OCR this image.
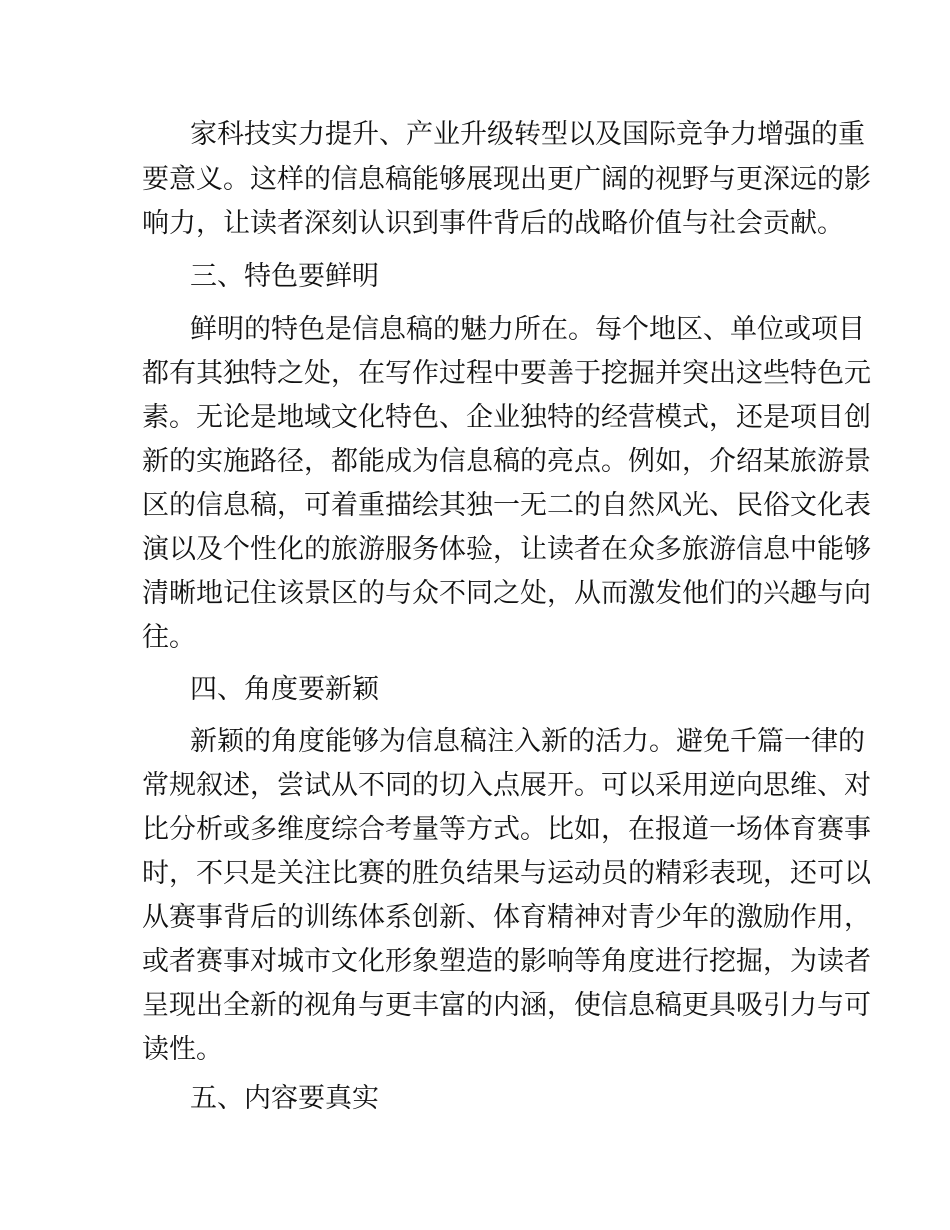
家科技实力提升、产业升级转型以及国际竞争力增强的重
要意义。这样的信息稿能够展现出更广阔的视野与更深远的影
响力，让读者深刻认识到事件背后的战略价值与社会贡献。
三、特色要鲜明
鲜明的特色是信息稿的魅力所在。每个地区、单位或项目
都有其独特之处，在写作过程中要善于挖掘并突出这些特色元
素。无论是地域文化特色、企业独特的经营模式，还是项目创
新的实施路径，都能成为信息稿的亮点。例如，介绍某旅游景
区的信息稿，可着重描绘其独一无二的自然风光、民俗文化表
演以及个性化的旅游服务体验，让读者在众多旅游信息中能够
清晰地记住该景区的与众不同之处，从而激发他们的兴趣与向
往。
四、角度要新颖
新颖的角度能够为信息稿注入新的活力。避免千篇一律的
常规叙述，尝试从不同的切入点展开。可以采用逆向思维、对
比分析或多维度综合考量等方式。比如，在报道一场体育赛事
时，不只是关注比赛的胜负结果与运动员的精彩表现，还可以
从赛事背后的训练体系创新、体育精神对青少年的激励作用，
或者赛事对城市文化形象塑造的影响等角度进行挖掘，为读者
呈现出全新的视角与更丰富的内涵，使信息稿更具吸引力与可
读性。
五、内容要真实
